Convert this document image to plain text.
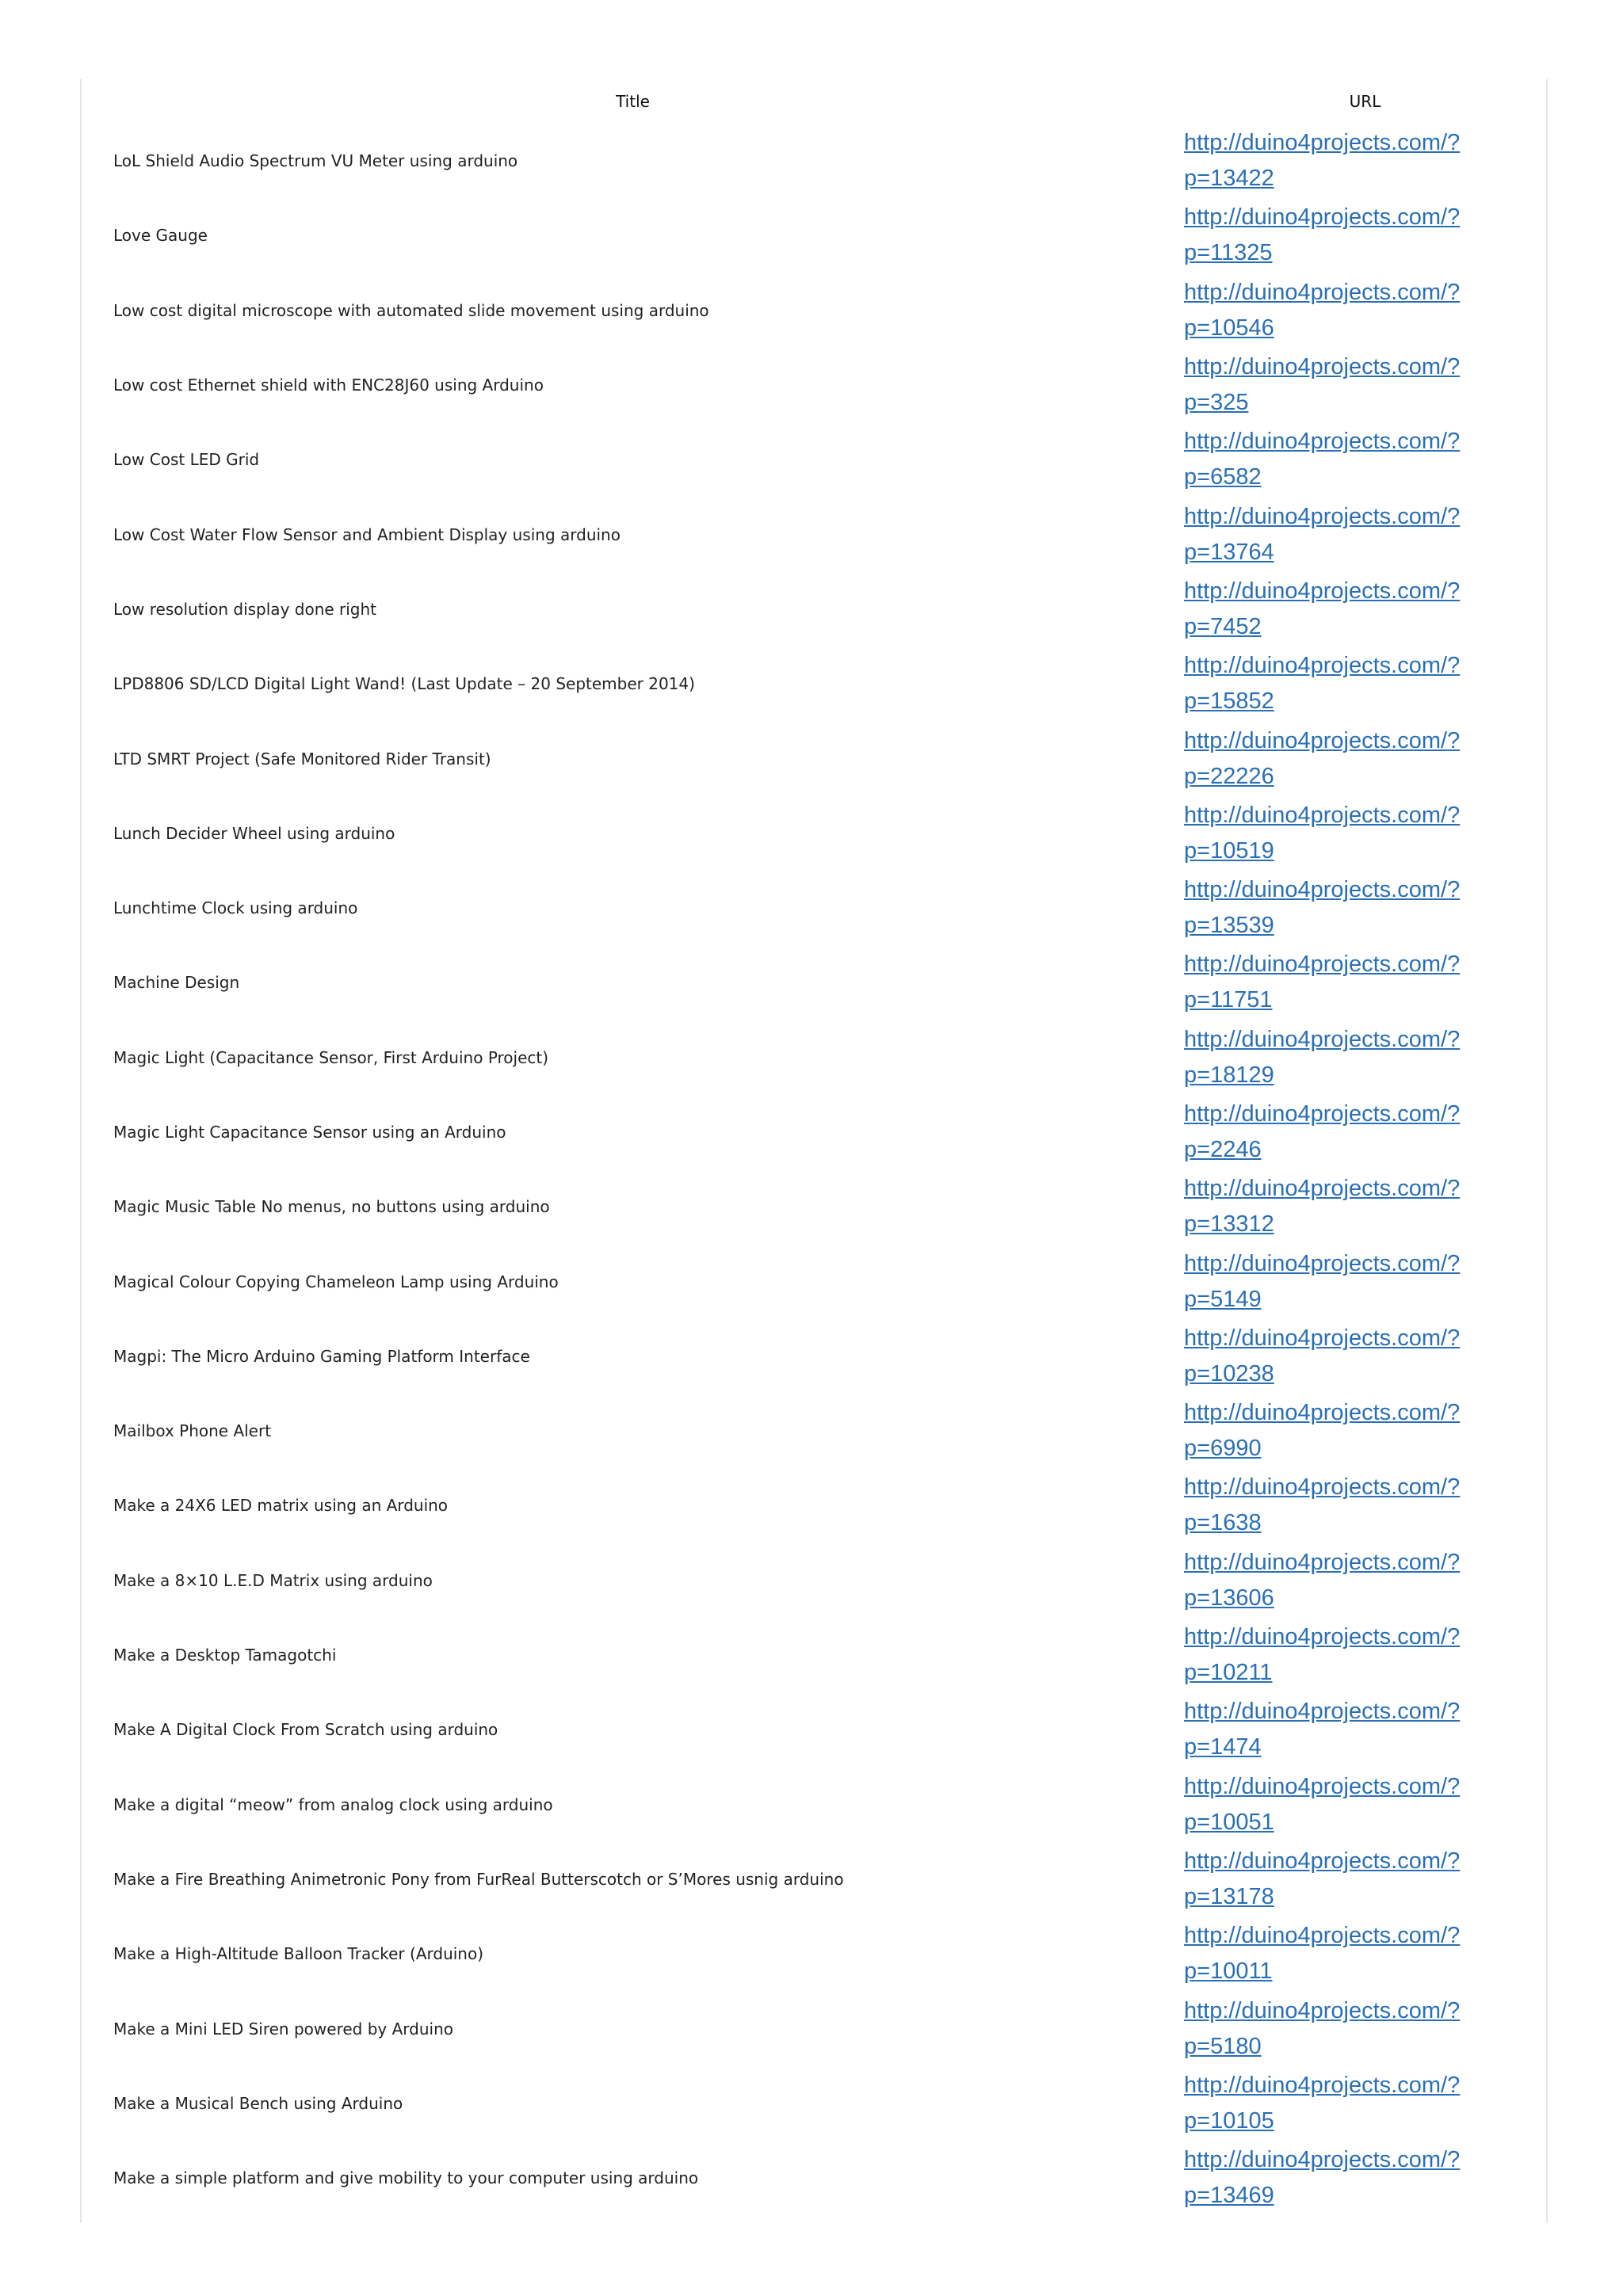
Title	URL
LoL Shield Audio Spectrum VU Meter using arduino	http://duino4projects.com/?p=13422

Love Gauge	http://duino4projects.com/?p=11325

Low cost digital microscope with automated slide movement using arduino	http://duino4projects.com/?p=10546

Low cost Ethernet shield with ENC28J60 using Arduino	http://duino4projects.com/?p=325

Low Cost LED Grid	http://duino4projects.com/?p=6582

Low Cost Water Flow Sensor and Ambient Display using arduino	http://duino4projects.com/?p=13764

Low resolution display done right	http://duino4projects.com/?p=7452

LPD8806 SD/LCD Digital Light Wand! (Last Update – 20 September 2014)	http://duino4projects.com/?p=15852

LTD SMRT Project (Safe Monitored Rider Transit)	http://duino4projects.com/?p=22226

Lunch Decider Wheel using arduino	http://duino4projects.com/?p=10519

Lunchtime Clock using arduino	http://duino4projects.com/?p=13539

Machine Design	http://duino4projects.com/?p=11751

Magic Light (Capacitance Sensor, First Arduino Project)	http://duino4projects.com/?p=18129

Magic Light Capacitance Sensor using an Arduino	http://duino4projects.com/?p=2246

Magic Music Table No menus, no buttons using arduino	http://duino4projects.com/?p=13312

Magical Colour Copying Chameleon Lamp using Arduino	http://duino4projects.com/?p=5149

Magpi: The Micro Arduino Gaming Platform Interface	http://duino4projects.com/?p=10238

Mailbox Phone Alert	http://duino4projects.com/?p=6990

Make a 24X6 LED matrix using an Arduino	http://duino4projects.com/?p=1638

Make a 8×10 L.E.D Matrix using arduino	http://duino4projects.com/?p=13606

Make a Desktop Tamagotchi	http://duino4projects.com/?p=10211

Make A Digital Clock From Scratch using arduino	http://duino4projects.com/?p=1474

Make a digital “meow” from analog clock using arduino	http://duino4projects.com/?p=10051

Make a Fire Breathing Animetronic Pony from FurReal Butterscotch or S’Mores usnig arduino	http://duino4projects.com/?p=13178

Make a High-Altitude Balloon Tracker (Arduino)	http://duino4projects.com/?p=10011

Make a Mini LED Siren powered by Arduino	http://duino4projects.com/?p=5180

Make a Musical Bench using Arduino	http://duino4projects.com/?p=10105

Make a simple platform and give mobility to your computer using arduino	http://duino4projects.com/?p=13469
